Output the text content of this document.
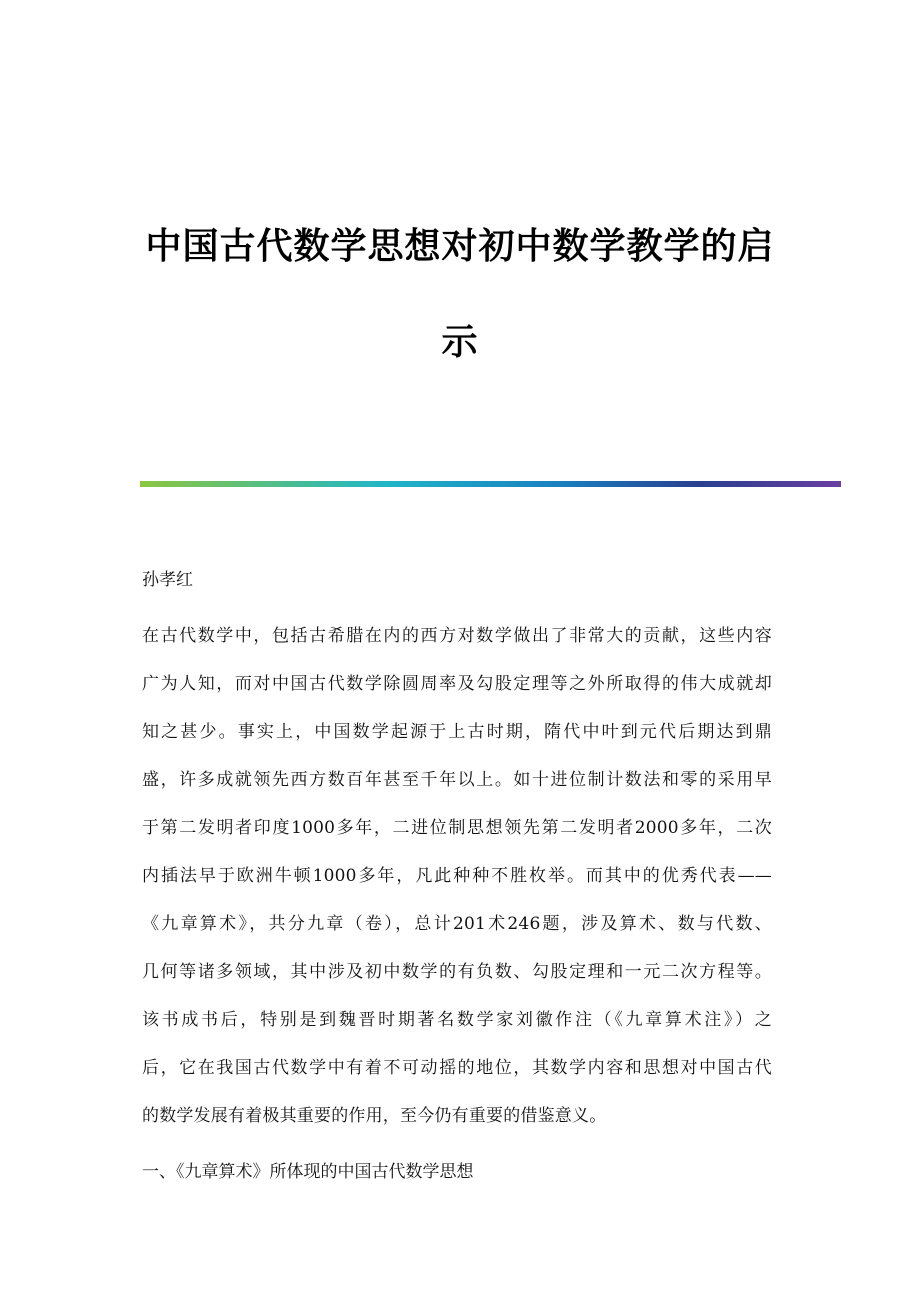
中国古代数学思想对初中数学教学的启
示

孙孝红

在古代数学中，包括古希腊在内的西方对数学做出了非常大的贡献，这些内容
广为人知，而对中国古代数学除圆周率及勾股定理等之外所取得的伟大成就却
知之甚少。事实上，中国数学起源于上古时期，隋代中叶到元代后期达到鼎
盛，许多成就领先西方数百年甚至千年以上。如十进位制计数法和零的采用早
于第二发明者印度1000多年，二进位制思想领先第二发明者2000多年，二次
内插法早于欧洲牛顿1000多年，凡此种种不胜枚举。而其中的优秀代表——
《九章算术》，共分九章（卷），总计201术246题，涉及算术、数与代数、
几何等诸多领域，其中涉及初中数学的有负数、勾股定理和一元二次方程等。
该书成书后，特别是到魏晋时期著名数学家刘徽作注（《九章算术注》）之
后，它在我国古代数学中有着不可动摇的地位，其数学内容和思想对中国古代
的数学发展有着极其重要的作用，至今仍有重要的借鉴意义。

一、《九章算术》所体现的中国古代数学思想
